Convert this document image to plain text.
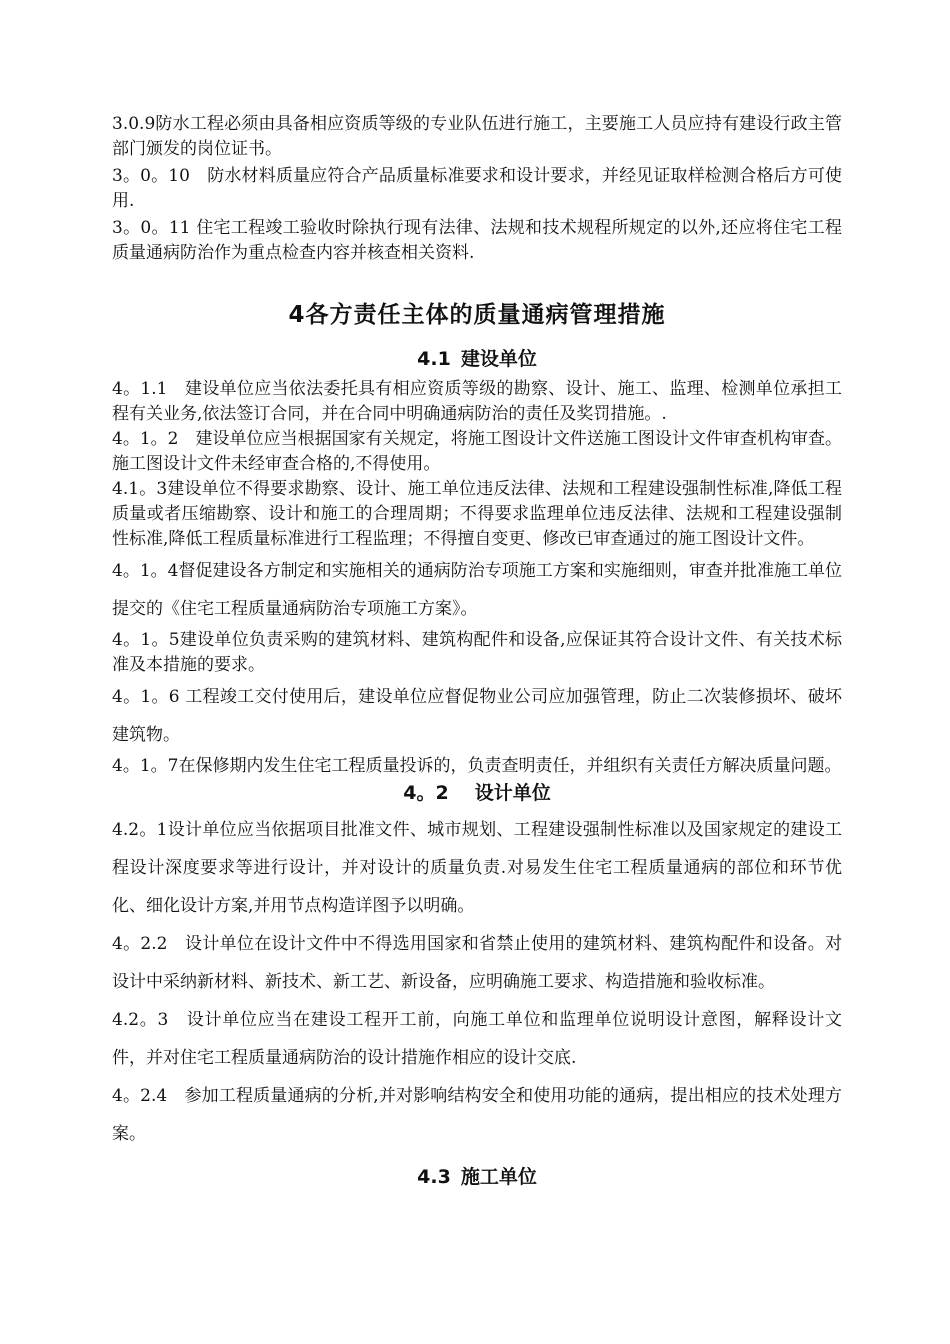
3.0.9防水工程必须由具备相应资质等级的专业队伍进行施工，主要施工人员应持有建设行政主管部门颁发的岗位证书。

3。0。10　防水材料质量应符合产品质量标准要求和设计要求，并经见证取样检测合格后方可使用.

3。0。11 住宅工程竣工验收时除执行现有法律、法规和技术规程所规定的以外,还应将住宅工程质量通病防治作为重点检查内容并核查相关资料.

4各方责任主体的质量通病管理措施
4.1 建设单位

4。1.1　建设单位应当依法委托具有相应资质等级的勘察、设计、施工、监理、检测单位承担工程有关业务,依法签订合同，并在合同中明确通病防治的责任及奖罚措施。.

4。1。2　建设单位应当根据国家有关规定，将施工图设计文件送施工图设计文件审查机构审查。施工图设计文件未经审查合格的,不得使用。

4.1。3建设单位不得要求勘察、设计、施工单位违反法律、法规和工程建设强制性标准,降低工程质量或者压缩勘察、设计和施工的合理周期；不得要求监理单位违反法律、法规和工程建设强制性标准,降低工程质量标准进行工程监理；不得擅自变更、修改已审查通过的施工图设计文件。

4。1。4督促建设各方制定和实施相关的通病防治专项施工方案和实施细则，审查并批准施工单位提交的《住宅工程质量通病防治专项施工方案》。

4。1。5建设单位负责采购的建筑材料、建筑构配件和设备,应保证其符合设计文件、有关技术标准及本措施的要求。

4。1。6 工程竣工交付使用后，建设单位应督促物业公司应加强管理，防止二次装修损坏、破坏建筑物。

4。1。7在保修期内发生住宅工程质量投诉的，负责查明责任，并组织有关责任方解决质量问题。

4。2 设计单位

4.2。1设计单位应当依据项目批准文件、城市规划、工程建设强制性标准以及国家规定的建设工程设计深度要求等进行设计，并对设计的质量负责.对易发生住宅工程质量通病的部位和环节优化、细化设计方案,并用节点构造详图予以明确。

4。2.2　设计单位在设计文件中不得选用国家和省禁止使用的建筑材料、建筑构配件和设备。对设计中采纳新材料、新技术、新工艺、新设备，应明确施工要求、构造措施和验收标准。

4.2。3　设计单位应当在建设工程开工前，向施工单位和监理单位说明设计意图，解释设计文件，并对住宅工程质量通病防治的设计措施作相应的设计交底.

4。2.4　参加工程质量通病的分析,并对影响结构安全和使用功能的通病，提出相应的技术处理方案。

4.3 施工单位
